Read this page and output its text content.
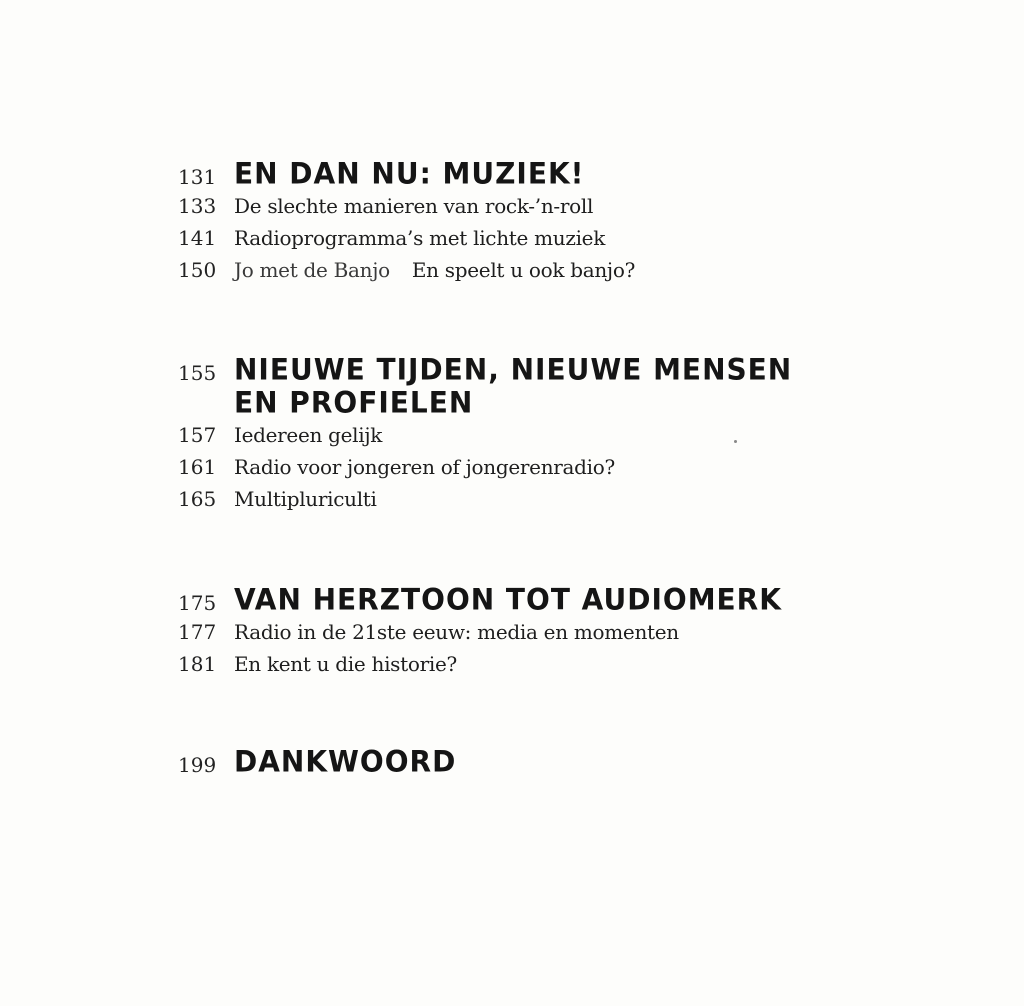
131 EN DAN NU: MUZIEK!
133 De slechte manieren van rock-’n-roll
141 Radioprogramma’s met lichte muziek
150 Jo met de Banjo En speelt u ook banjo?
155 NIEUWE TIJDEN, NIEUWE MENSEN
EN PROFIELEN
157 Iedereen gelijk
161 Radio voor jongeren of jongerenradio?
165 Multipluriculti
175 VAN HERZTOON TOT AUDIOMERK
177 Radio in de 21ste eeuw: media en momenten
181 En kent u die historie?
199 DANKWOORD
